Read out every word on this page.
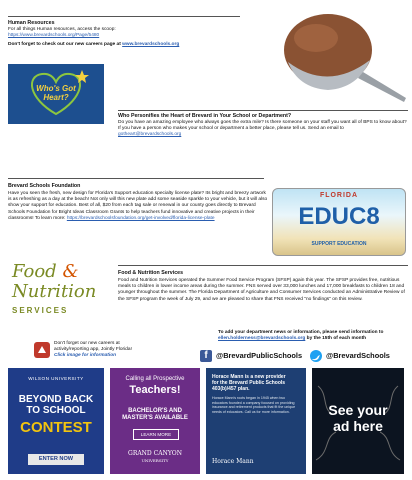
Human Resources
For all things Human resources, access the scoop:
https://www.brevardschools.org/Page/5480
Don't forget to check out our new careers page at www.brevardschools.org
Who's Got
Heart?
Who Personifies the Heart of Brevard in Your School or Department?
Do you have an amazing employee who always goes the extra mile? Is there someone on your staff you want all of BPS to know about? If you have a person who makes your school or department a better place, please tell us. Send an email to gotheart@brevardschools.org
Brevard Schools Foundation
Have you seen the fresh, new design for Florida's Support education specialty license plate? Its bright and breezy artwork is as refreshing as a day at the beach! Not only will this new plate add some seaside sparkle to your vehicle, but it will also show your support for education. Best of all, $20 from each tag sale or renewal in our county goes directly to Brevard Schools Foundation for Bright Ideas Classroom Grants to help teachers fund innovative and creative projects in their classrooms! To learn more: https://brevardschoolsfoundation.org/get-involved/florida-license-plate
FLORIDA
EDUC8
SUPPORT EDUCATION
Food &
Nutrition
SERVICES
Food & Nutrition Services
Food and Nutrition Services operated the Summer Food Service Program (SFSP) again this year. The SFSP provides free, nutritious meals to children in lower income areas during the summer. FNS served over 33,000 lunches and 17,000 breakfasts to children 18 and younger throughout the summer. The Florida Department of Agriculture and Consumer Services conducted an Administrative Review of the SFSP program the week of July 29, and we are pleased to share that FNS received "no findings" on this review.
To add your department news or information, please send information to ellen.holderness@brevardschools.org by the 15th of each month
Don't forget our new careers at
activity/reporting app, Jointly Florida!
Click image for information	f	@BrevardPublicSchools	@BrevardSchools
WILSON UNIVERSITY
BEYOND BACK
TO SCHOOL
CONTEST
ENTER NOW
Calling all Prospective
Teachers!
BACHELOR'S AND
MASTER'S AVAILABLE
LEARN MORE
GRAND CANYON
UNIVERSITY
Horace Mann is a new provider
for the Brevard Public Schools
403(b)/457 plan.
Horace Mann's roots began in 1945 when two educators founded a company focused on providing insurance and retirement products that fit the unique needs of educators. Call us for more information.
Horace Mann
See your
ad here
